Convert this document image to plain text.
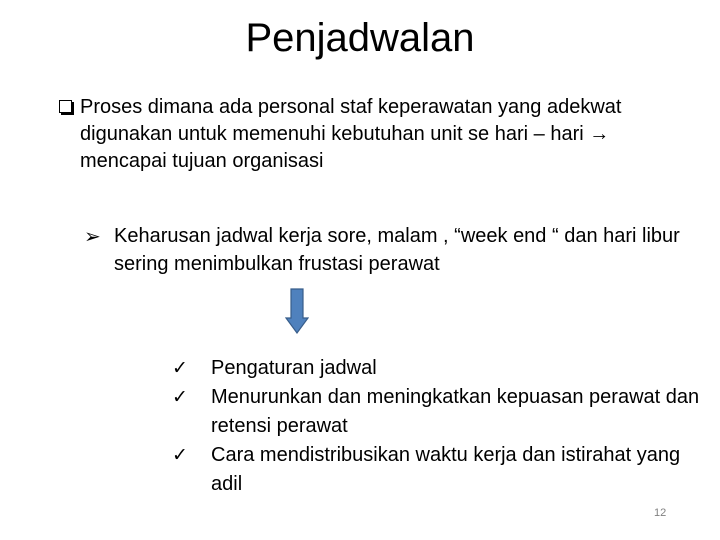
Penjadwalan
Proses dimana ada personal staf keperawatan yang adekwat digunakan untuk memenuhi kebutuhan unit se hari – hari → mencapai tujuan organisasi
➢ Keharusan jadwal kerja sore, malam , “week end “ dan hari libur sering menimbulkan frustasi perawat
✓ Pengaturan jadwal
✓ Menurunkan dan meningkatkan kepuasan perawat dan retensi perawat
✓ Cara mendistribusikan waktu kerja dan istirahat yang adil
12
